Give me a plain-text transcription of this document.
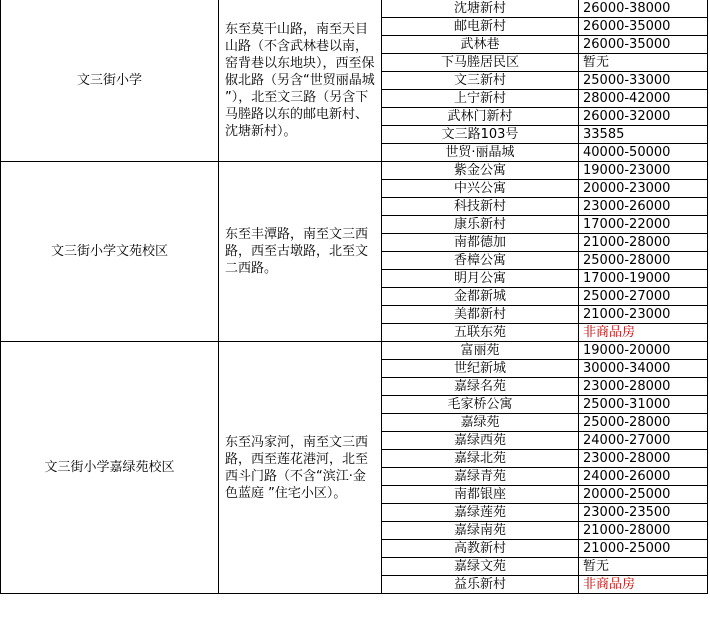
文三街小学	东至莫干山路，南至天目山路（不含武林巷以南，窑背巷以东地块），西至保俶北路（另含“世贸丽晶城 ”），北至文三路（另含下马塍路以东的邮电新村、沈塘新村）。	沈塘新村	26000-38000
		邮电新村	26000-35000
		武林巷	26000-35000
		下马塍居民区	暂无
		文三新村	25000-33000
		上宁新村	28000-42000
		武林门新村	26000-32000
		文三路103号	33585
		世贸·丽晶城	40000-50000
文三街小学文苑校区	东至丰潭路，南至文三西路，西至古墩路，北至文二西路。	紫金公寓	19000-23000
		中兴公寓	20000-23000
		科技新村	23000-26000
		康乐新村	17000-22000
		南都德加	21000-28000
		香樟公寓	25000-28000
		明月公寓	17000-19000
		金都新城	25000-27000
		美都新村	21000-23000
		五联东苑	非商品房
文三街小学嘉绿苑校区	东至冯家河，南至文三西路，西至莲花港河，北至西斗门路（不含“滨江·金色蓝庭 ”住宅小区）。	富丽苑	19000-20000
		世纪新城	30000-34000
		嘉绿名苑	23000-28000
		毛家桥公寓	25000-31000
		嘉绿苑	25000-28000
		嘉绿西苑	24000-27000
		嘉绿北苑	23000-28000
		嘉绿青苑	24000-26000
		南都银座	20000-25000
		嘉绿莲苑	23000-23500
		嘉绿南苑	21000-28000
		高教新村	21000-25000
		嘉绿文苑	暂无
		益乐新村	非商品房
